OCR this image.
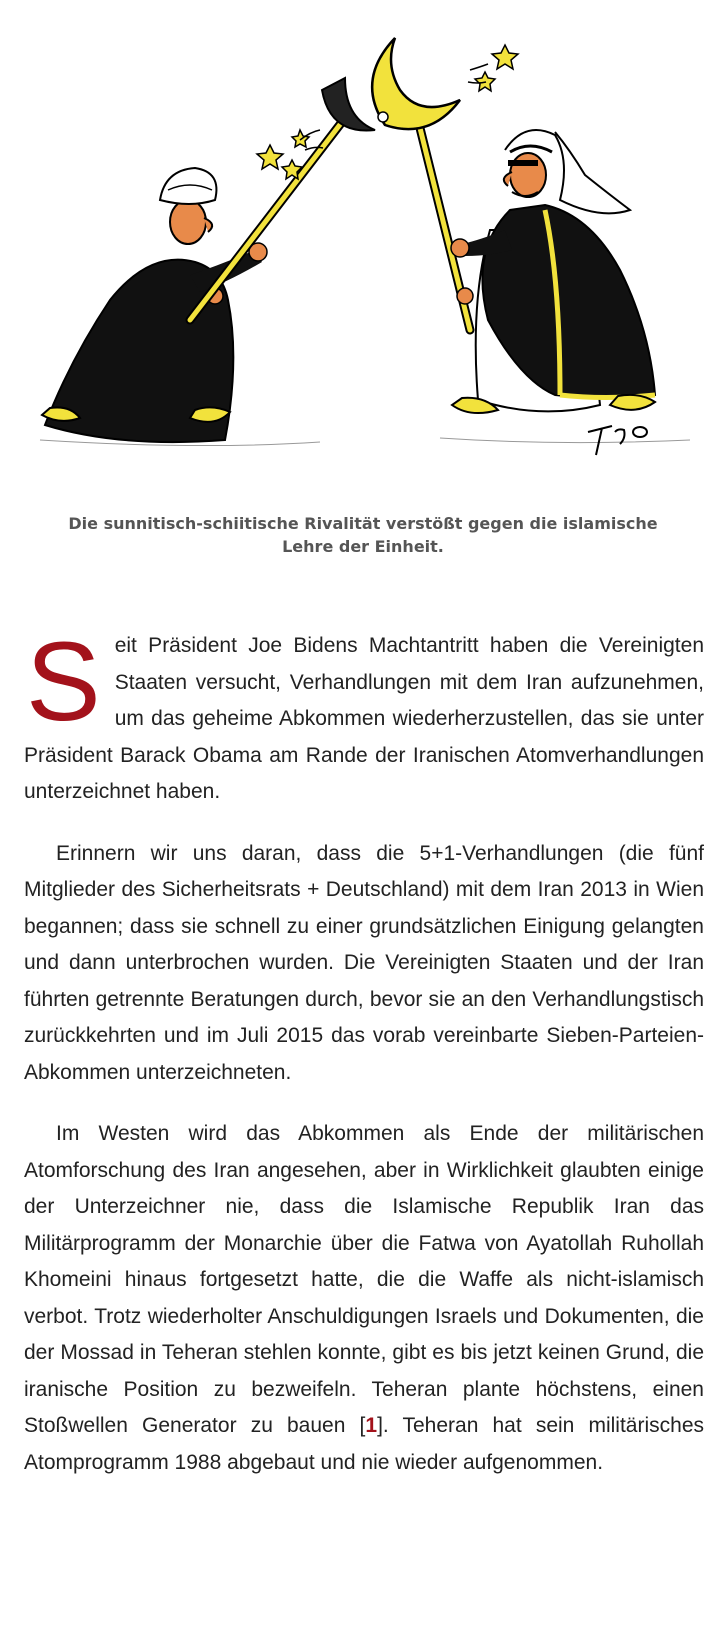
Die sunnitisch-schiitische Rivalität verstößt gegen die islamische Lehre der Einheit.

Seit Präsident Joe Bidens Machtantritt haben die Vereinigten Staaten versucht, Verhandlungen mit dem Iran aufzunehmen, um das geheime Abkommen wiederherzustellen, das sie unter Präsident Barack Obama am Rande der Iranischen Atomverhandlungen unterzeichnet haben.

Erinnern wir uns daran, dass die 5+1-Verhandlungen (die fünf Mitglieder des Sicherheitsrats + Deutschland) mit dem Iran 2013 in Wien begannen; dass sie schnell zu einer grundsätzlichen Einigung gelangten und dann unterbrochen wurden. Die Vereinigten Staaten und der Iran führten getrennte Beratungen durch, bevor sie an den Verhandlungstisch zurückkehrten und im Juli 2015 das vorab vereinbarte Sieben-Parteien-Abkommen unterzeichneten.

Im Westen wird das Abkommen als Ende der militärischen Atomforschung des Iran angesehen, aber in Wirklichkeit glaubten einige der Unterzeichner nie, dass die Islamische Republik Iran das Militärprogramm der Monarchie über die Fatwa von Ayatollah Ruhollah Khomeini hinaus fortgesetzt hatte, die die Waffe als nicht-islamisch verbot. Trotz wiederholter Anschuldigungen Israels und Dokumenten, die der Mossad in Teheran stehlen konnte, gibt es bis jetzt keinen Grund, die iranische Position zu bezweifeln. Teheran plante höchstens, einen Stoßwellen Generator zu bauen [1]. Teheran hat sein militärisches Atomprogramm 1988 abgebaut und nie wieder aufgenommen.
